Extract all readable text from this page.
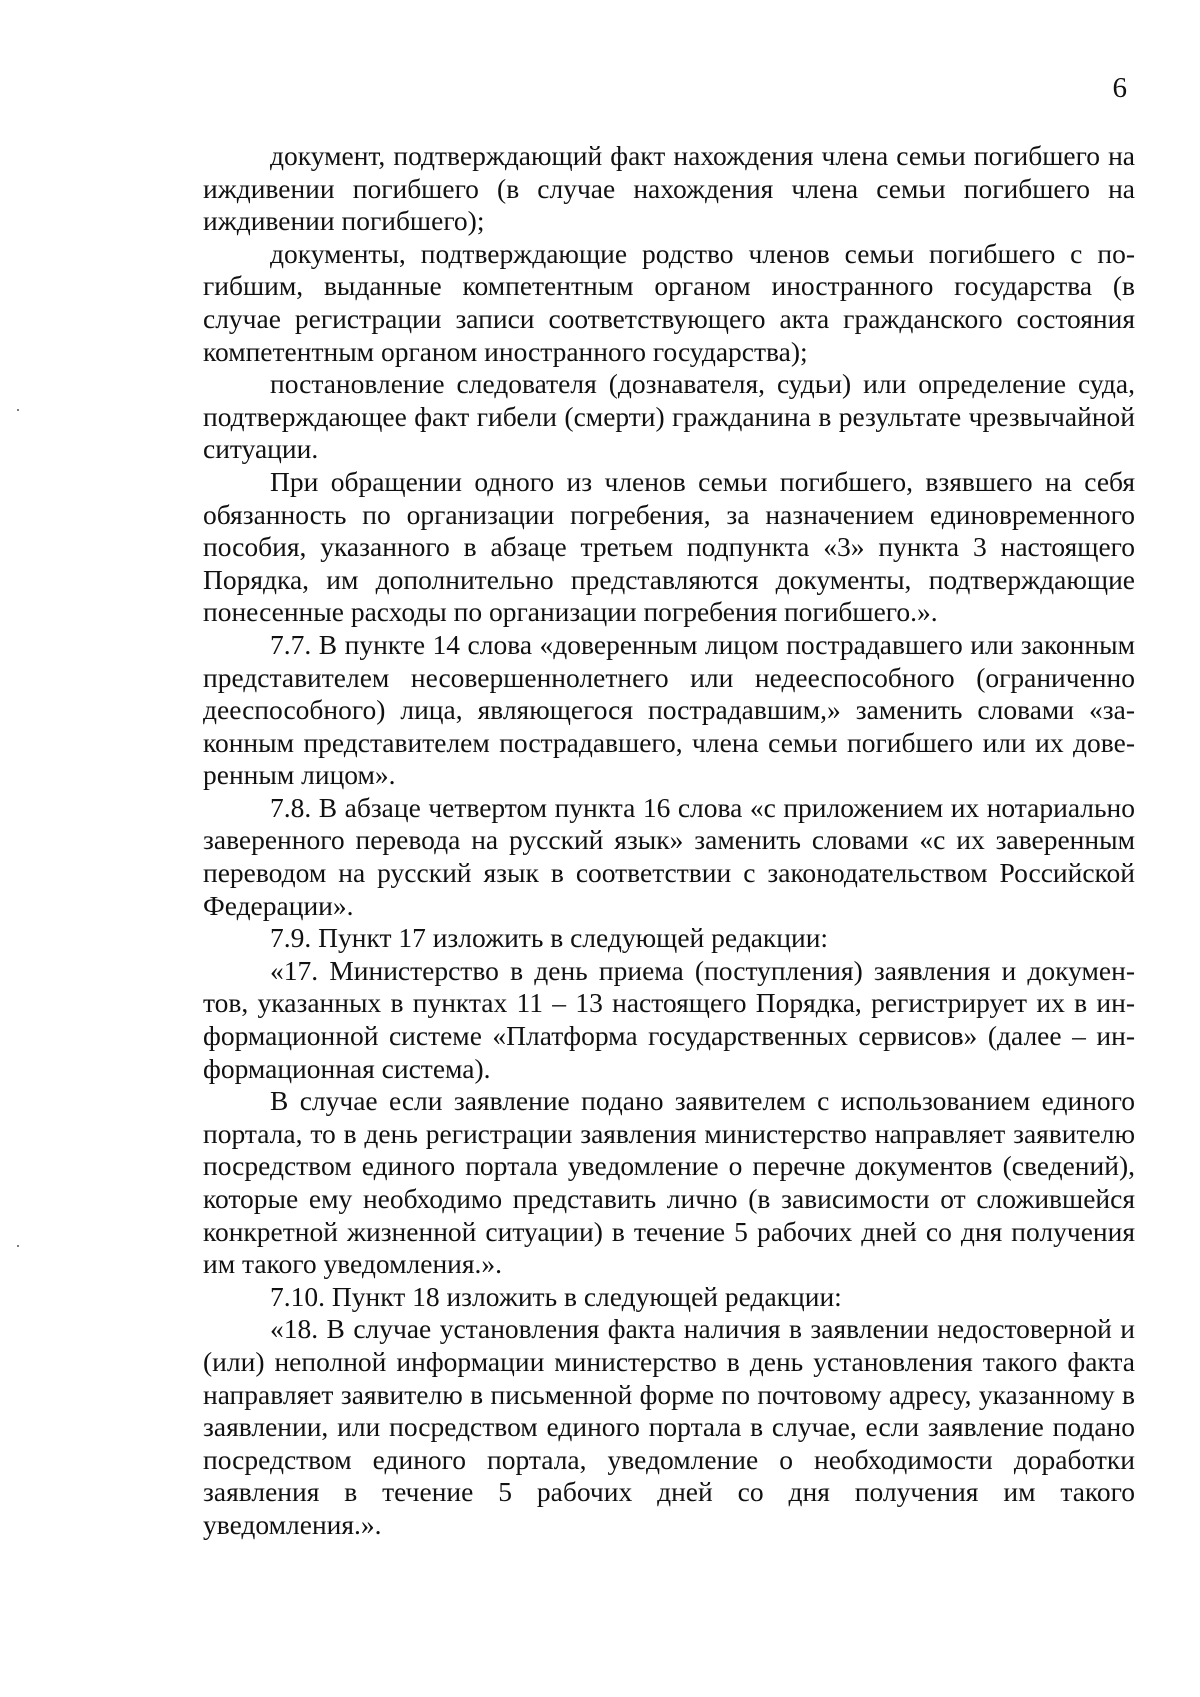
6

документ, подтверждающий факт нахождения члена семьи погибшего на иждивении погибшего (в случае нахождения члена семьи погибшего на иждивении погибшего);

документы, подтверждающие родство членов семьи погибшего с погибшим, выданные компетентным органом иностранного государства (в случае регистрации записи соответствующего акта гражданского состояния компетентным органом иностранного государства);

постановление следователя (дознавателя, судьи) или определение суда, подтверждающее факт гибели (смерти) гражданина в результате чрезвычайной ситуации.

При обращении одного из членов семьи погибшего, взявшего на себя обязанность по организации погребения, за назначением единовременного пособия, указанного в абзаце третьем подпункта «3» пункта 3 настоящего Порядка, им дополнительно представляются документы, подтверждающие понесенные расходы по организации погребения погибшего.».

7.7. В пункте 14 слова «доверенным лицом пострадавшего или законным представителем несовершеннолетнего или недееспособного (ограниченно дееспособного) лица, являющегося пострадавшим,» заменить словами «законным представителем пострадавшего, члена семьи погибшего или их доверенным лицом».

7.8. В абзаце четвертом пункта 16 слова «с приложением их нотариально заверенного перевода на русский язык» заменить словами «с их заверенным переводом на русский язык в соответствии с законодательством Российской Федерации».

7.9. Пункт 17 изложить в следующей редакции:

«17. Министерство в день приема (поступления) заявления и документов, указанных в пунктах 11 – 13 настоящего Порядка, регистрирует их в информационной системе «Платформа государственных сервисов» (далее – информационная система).

В случае если заявление подано заявителем с использованием единого портала, то в день регистрации заявления министерство направляет заявителю посредством единого портала уведомление о перечне документов (сведений), которые ему необходимо представить лично (в зависимости от сложившейся конкретной жизненной ситуации) в течение 5 рабочих дней со дня получения им такого уведомления.».

7.10. Пункт 18 изложить в следующей редакции:

«18. В случае установления факта наличия в заявлении недостоверной и (или) неполной информации министерство в день установления такого факта направляет заявителю в письменной форме по почтовому адресу, указанному в заявлении, или посредством единого портала в случае, если заявление подано посредством единого портала, уведомление о необходимости доработки заявления в течение 5 рабочих дней со дня получения им такого уведомления.».
